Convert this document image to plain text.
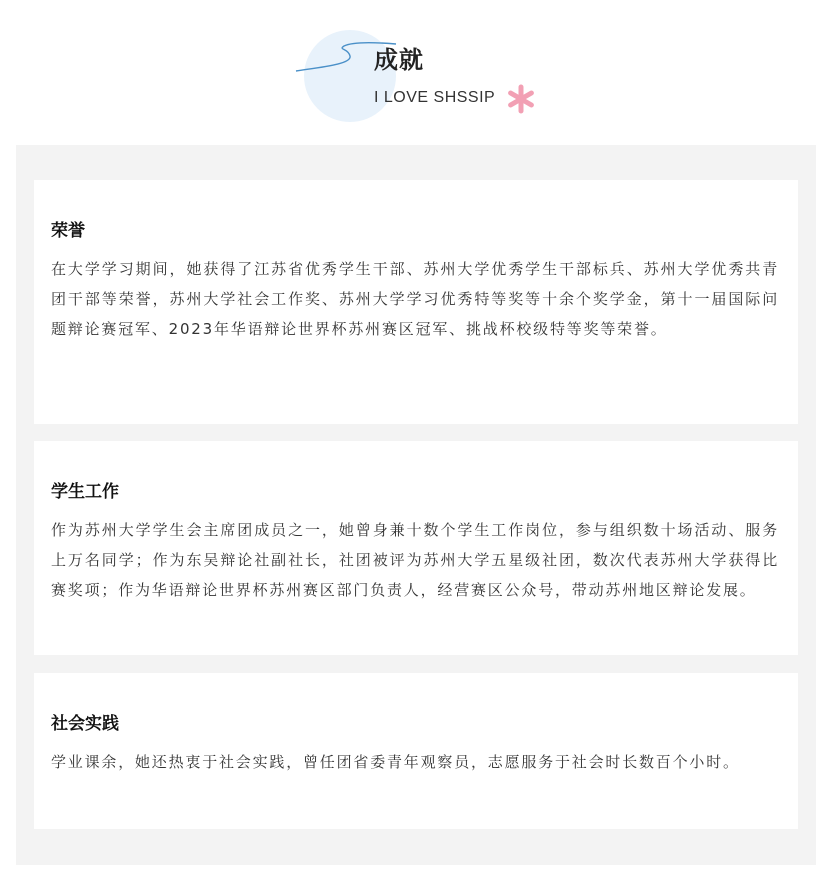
成就
I LOVE SHSSIP
荣誉

在大学学习期间，她获得了江苏省优秀学生干部、苏州大学优秀学生干部标兵、苏州大学优秀共青团干部等荣誉，苏州大学社会工作奖、苏州大学学习优秀特等奖等十余个奖学金，第十一届国际问题辩论赛冠军、2023年华语辩论世界杯苏州赛区冠军、挑战杯校级特等奖等荣誉。

学生工作

作为苏州大学学生会主席团成员之一，她曾身兼十数个学生工作岗位，参与组织数十场活动、服务上万名同学；作为东吴辩论社副社长，社团被评为苏州大学五星级社团，数次代表苏州大学获得比赛奖项；作为华语辩论世界杯苏州赛区部门负责人，经营赛区公众号，带动苏州地区辩论发展。

社会实践

学业课余，她还热衷于社会实践，曾任团省委青年观察员，志愿服务于社会时长数百个小时。
